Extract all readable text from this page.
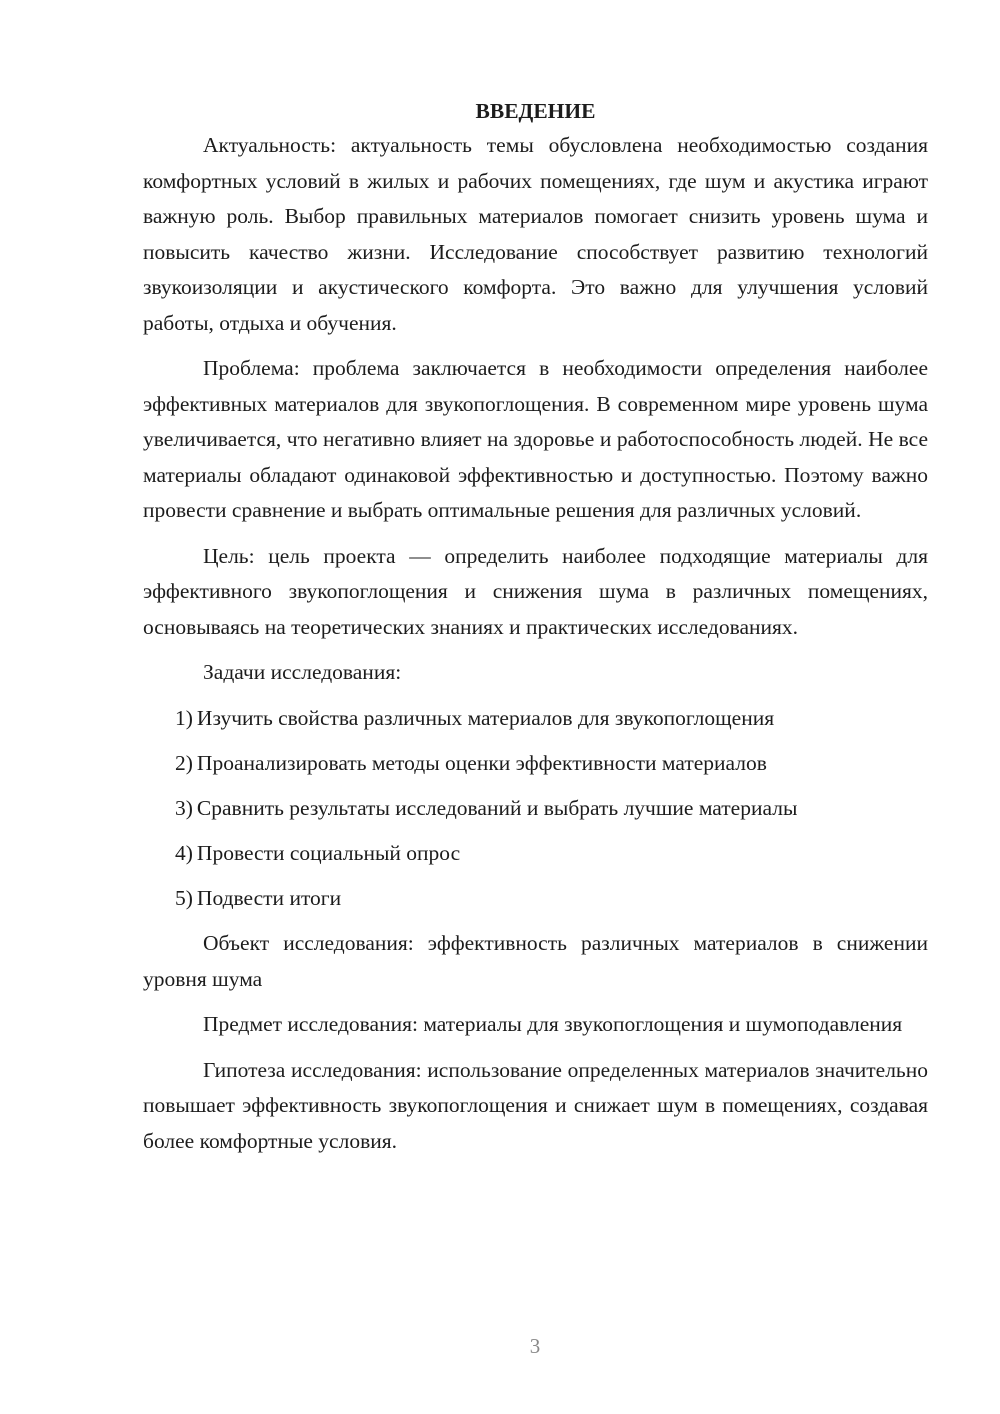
ВВЕДЕНИЕ

Актуальность: актуальность темы обусловлена необходимостью создания комфортных условий в жилых и рабочих помещениях, где шум и акустика играют важную роль. Выбор правильных материалов помогает снизить уровень шума и повысить качество жизни. Исследование способствует развитию технологий звукоизоляции и акустического комфорта. Это важно для улучшения условий работы, отдыха и обучения.

Проблема: проблема заключается в необходимости определения наиболее эффективных материалов для звукопоглощения. В современном мире уровень шума увеличивается, что негативно влияет на здоровье и работоспособность людей. Не все материалы обладают одинаковой эффективностью и доступностью. Поэтому важно провести сравнение и выбрать оптимальные решения для различных условий.

Цель: цель проекта — определить наиболее подходящие материалы для эффективного звукопоглощения и снижения шума в различных помещениях, основываясь на теоретических знаниях и практических исследованиях.

Задачи исследования:

1) Изучить свойства различных материалов для звукопоглощения
2) Проанализировать методы оценки эффективности материалов
3) Сравнить результаты исследований и выбрать лучшие материалы
4) Провести социальный опрос
5) Подвести итоги

Объект исследования: эффективность различных материалов в снижении уровня шума

Предмет исследования: материалы для звукопоглощения и шумоподавления

Гипотеза исследования: использование определенных материалов значительно повышает эффективность звукопоглощения и снижает шум в помещениях, создавая более комфортные условия.

3
